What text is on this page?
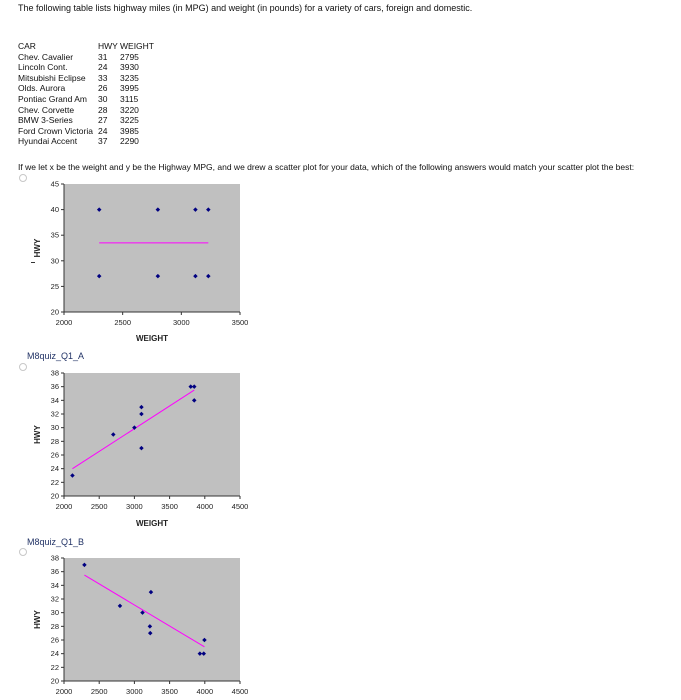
The following table lists highway miles (in MPG) and weight (in pounds) for a variety of cars, foreign and domestic.
CAR	HWY	WEIGHT
Chev. Cavalier	31	2795
Lincoln Cont.	24	3930
Mitsubishi Eclipse	33	3235
Olds. Aurora	26	3995
Pontiac Grand Am	30	3115
Chev. Corvette	28	3220
BMW 3-Series	27	3225
Ford Crown Victoria	24	3985
Hyundai Accent	37	2290
If we let x be the weight and y be the Highway MPG, and we drew a scatter plot for your data, which of the following answers would match your scatter plot the best:
M8quiz_Q1_A
M8quiz_Q1_B
20
25
30
35
40
45
2000	2500	3000	3500
HWY
WEIGHT
20
22
24
26
28
30
32
34
36
38
2000 2500 3000 3500 4000 4500
HWY
WEIGHT
20
22
24
26
28
30
32
34
36
38
2000 2500 3000 3500 4000 4500
HWY
